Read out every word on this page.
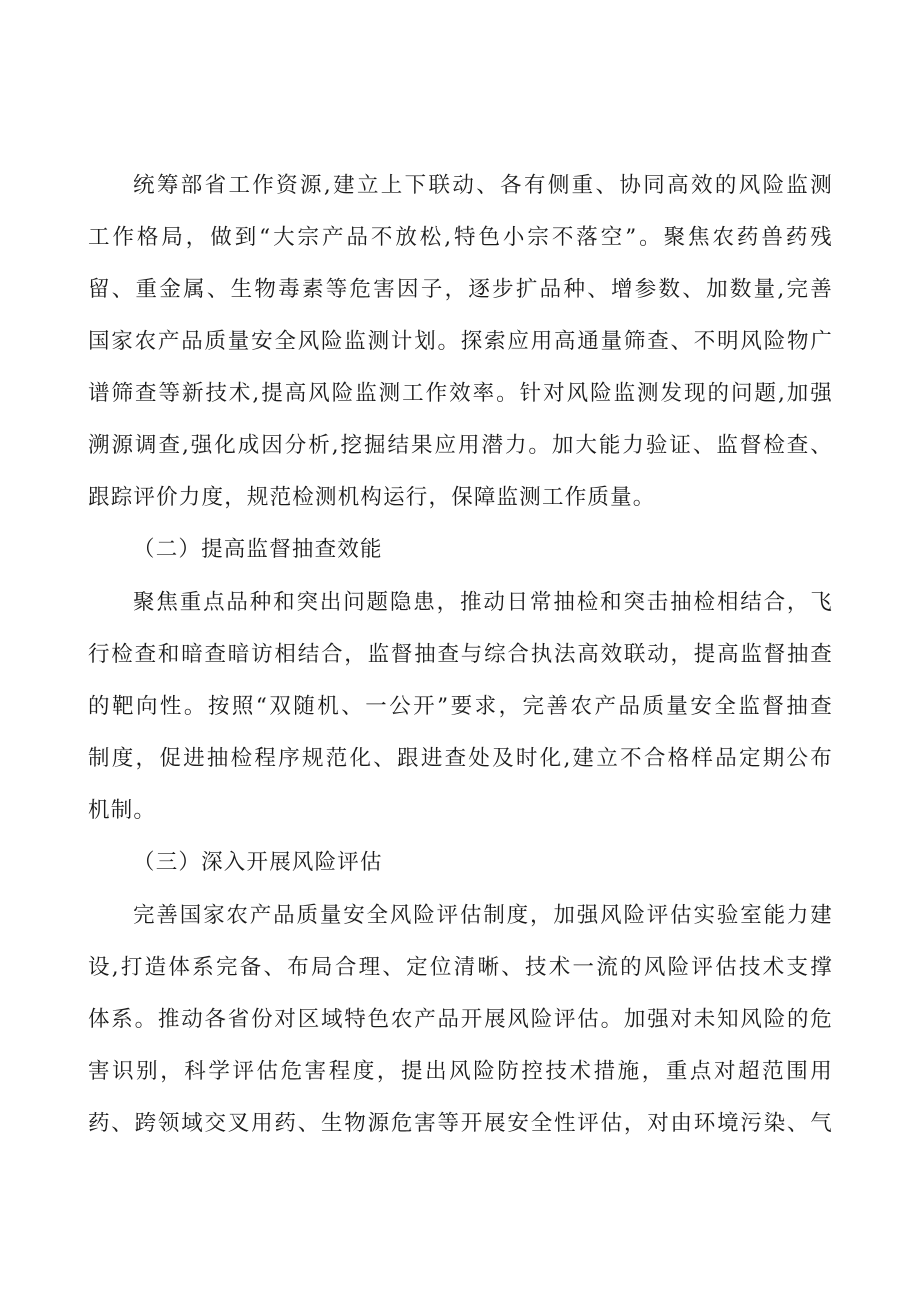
统筹部省工作资源,建立上下联动、各有侧重、协同高效的风险监测
工作格局，做到“大宗产品不放松,特色小宗不落空”。聚焦农药兽药残
留、重金属、生物毒素等危害因子，逐步扩品种、增参数、加数量,完善
国家农产品质量安全风险监测计划。探索应用高通量筛查、不明风险物广
谱筛查等新技术,提高风险监测工作效率。针对风险监测发现的问题,加强
溯源调查,强化成因分析,挖掘结果应用潜力。加大能力验证、监督检查、
跟踪评价力度，规范检测机构运行，保障监测工作质量。
（二）提高监督抽查效能
聚焦重点品种和突出问题隐患，推动日常抽检和突击抽检相结合，飞
行检查和暗查暗访相结合，监督抽查与综合执法高效联动，提高监督抽查
的靶向性。按照“双随机、一公开”要求，完善农产品质量安全监督抽查
制度，促进抽检程序规范化、跟进查处及时化,建立不合格样品定期公布
机制。
（三）深入开展风险评估
完善国家农产品质量安全风险评估制度，加强风险评估实验室能力建
设,打造体系完备、布局合理、定位清晰、技术一流的风险评估技术支撑
体系。推动各省份对区域特色农产品开展风险评估。加强对未知风险的危
害识别，科学评估危害程度，提出风险防控技术措施，重点对超范围用
药、跨领域交叉用药、生物源危害等开展安全性评估，对由环境污染、气
